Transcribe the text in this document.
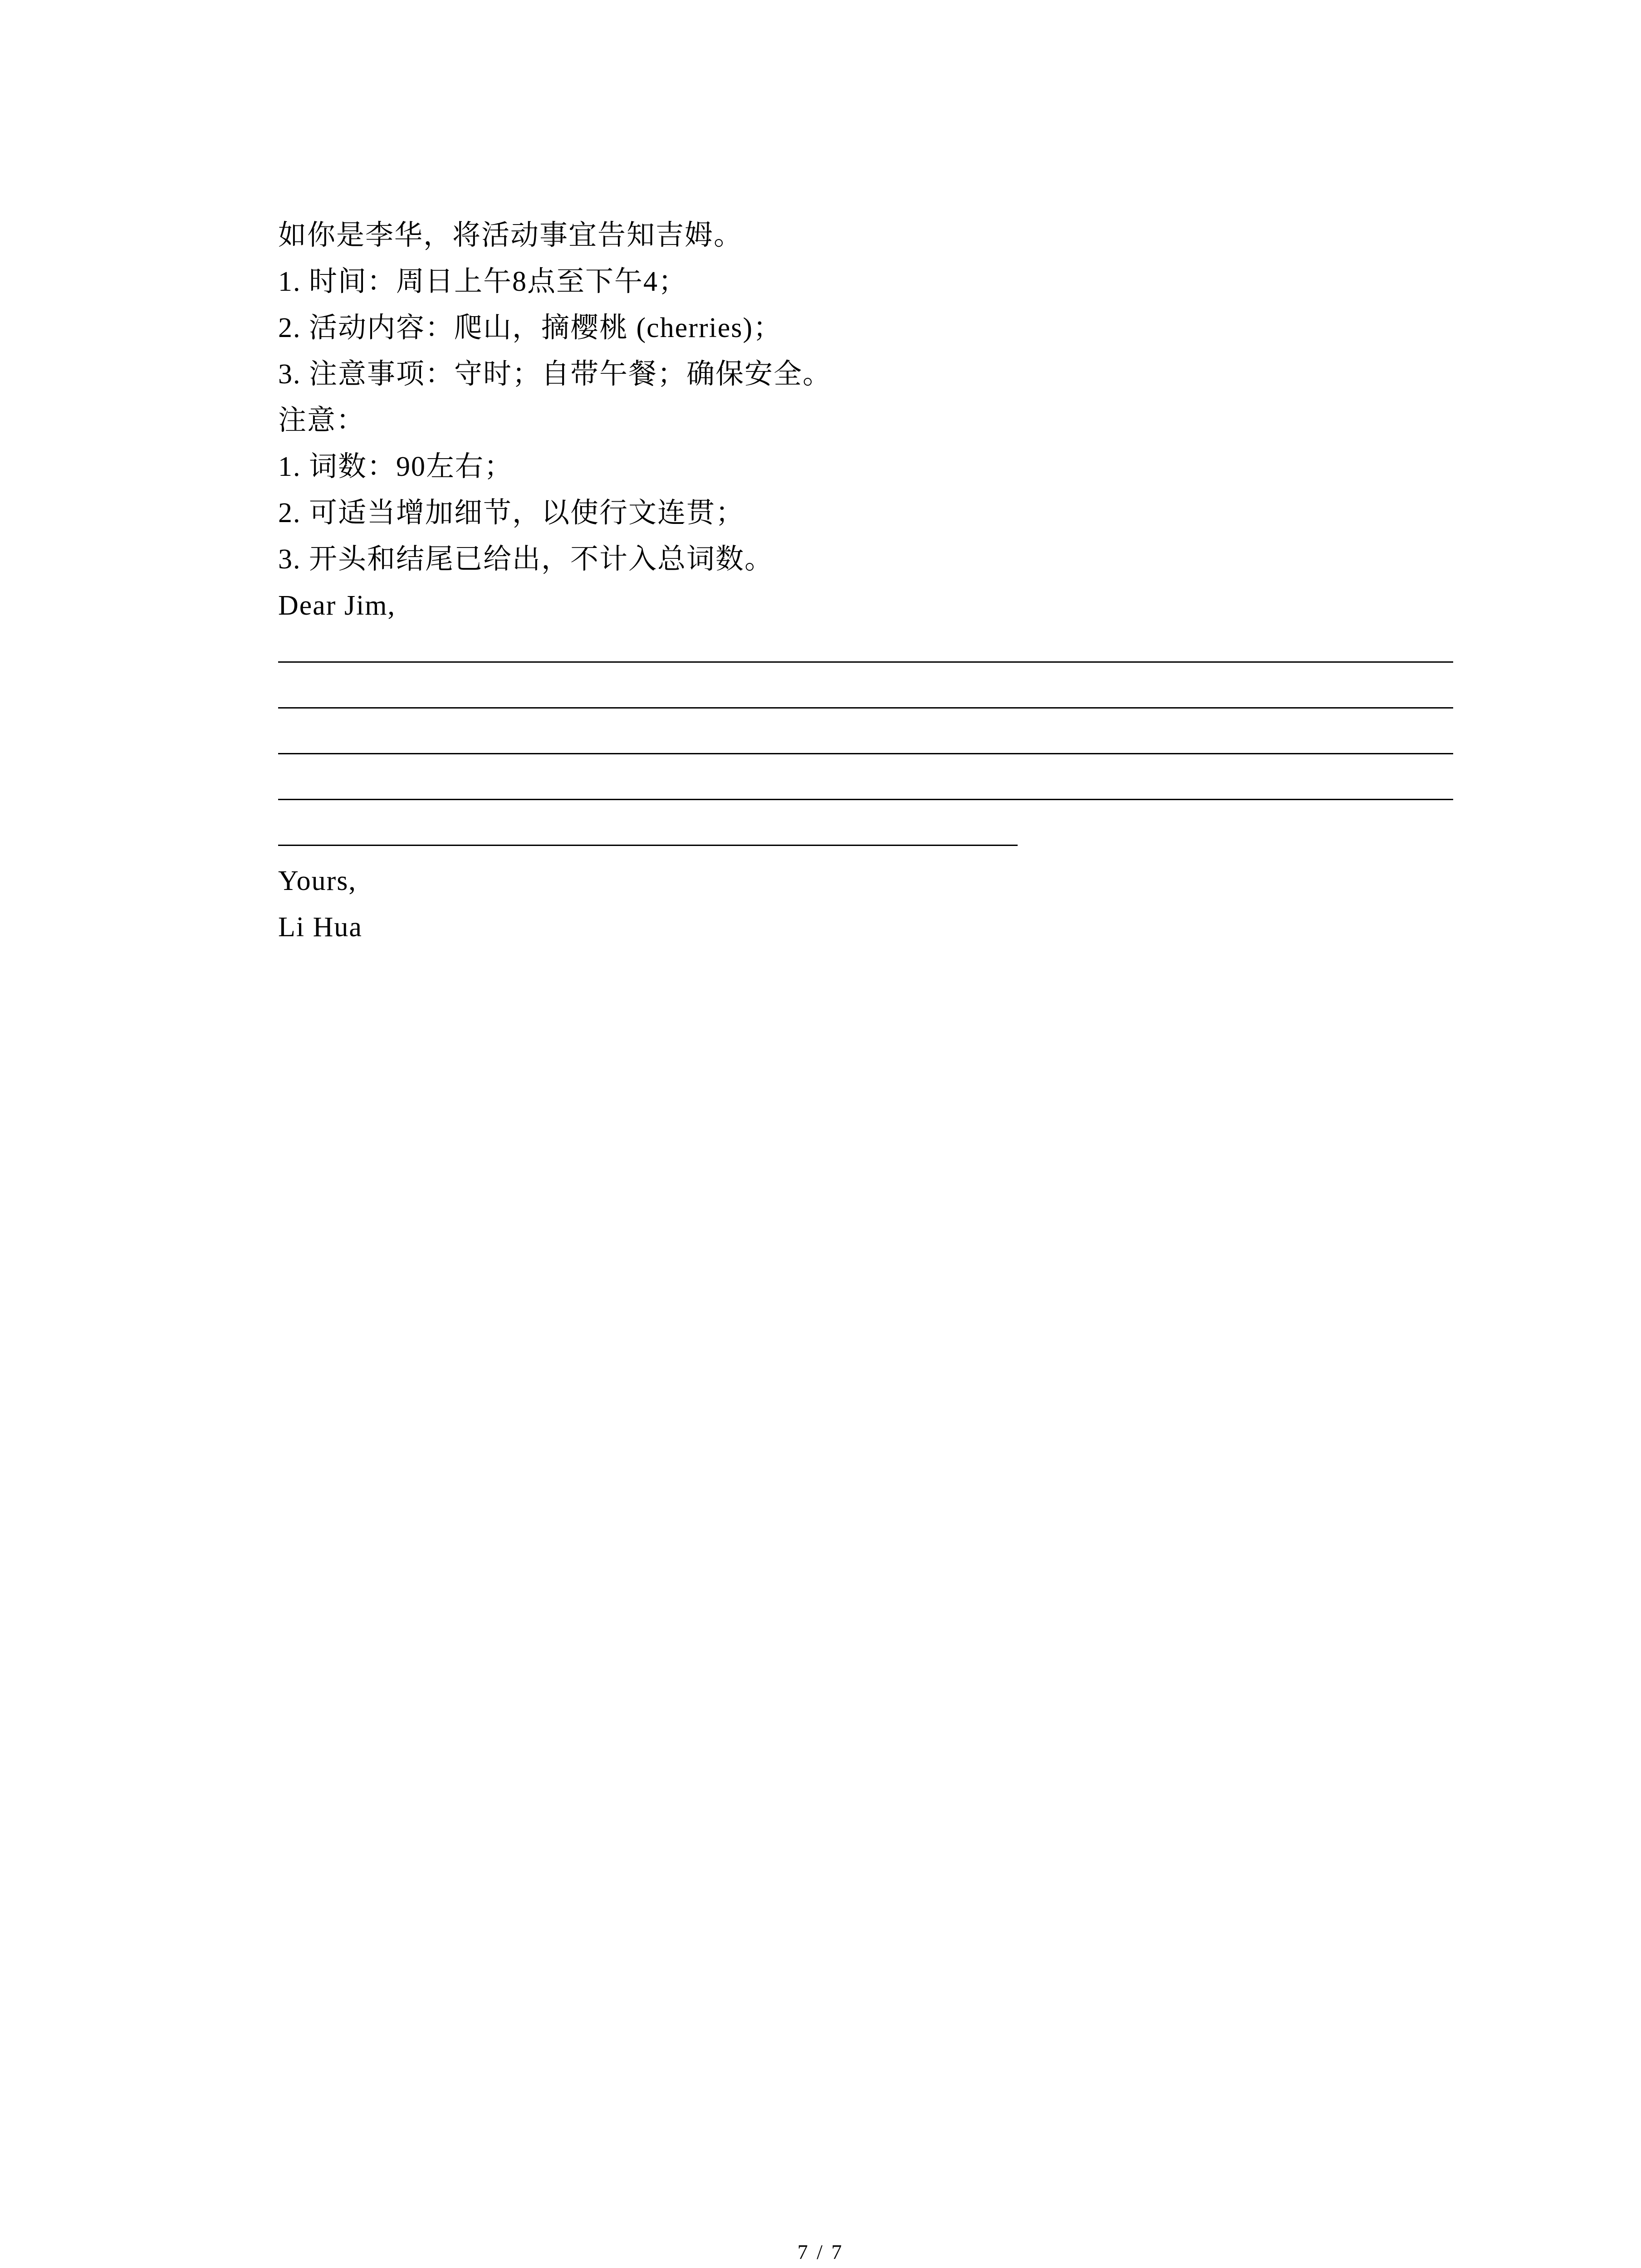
如你是李华，将活动事宜告知吉姆。
1. 时间：周日上午8点至下午4；
2. 活动内容：爬山，摘樱桃 (cherries)；
3. 注意事项：守时；自带午餐；确保安全。
注意：
1. 词数：90左右；
2. 可适当增加细节，以使行文连贯；
3. 开头和结尾已给出，不计入总词数。
Dear Jim,
Yours,
Li Hua
7 / 7
